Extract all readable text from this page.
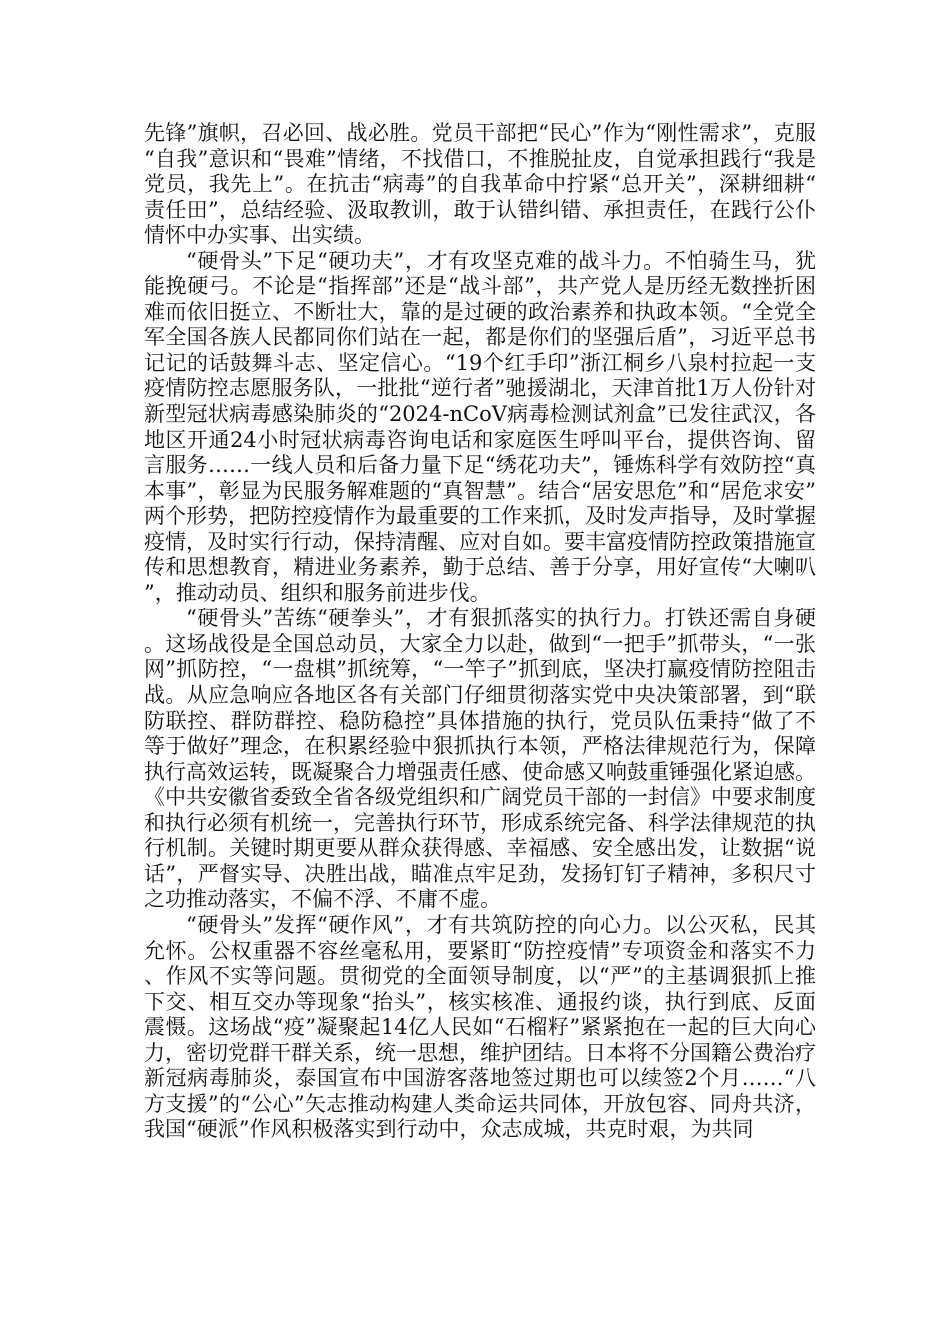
先锋”旗帜，召必回、战必胜。党员干部把“民心”作为“刚性需求”，克服“自我”意识和“畏难”情绪，不找借口，不推脱扯皮，自觉承担践行“我是党员，我先上”。在抗击“病毒”的自我革命中拧紧“总开关”，深耕细耕“责任田”，总结经验、汲取教训，敢于认错纠错、承担责任，在践行公仆情怀中办实事、出实绩。

“硬骨头”下足“硬功夫”，才有攻坚克难的战斗力。不怕骑生马，犹能挽硬弓。不论是“指挥部”还是“战斗部”，共产党人是历经无数挫折困难而依旧挺立、不断壮大，靠的是过硬的政治素养和执政本领。“全党全军全国各族人民都同你们站在一起，都是你们的坚强后盾”，习近平总书记记的话鼓舞斗志、坚定信心。“19个红手印”浙江桐乡八泉村拉起一支疫情防控志愿服务队，一批批“逆行者”驰援湖北，天津首批1万人份针对新型冠状病毒感染肺炎的“2024-nCoV病毒检测试剂盒”已发往武汉，各地区开通24小时冠状病毒咨询电话和家庭医生呼叫平台，提供咨询、留言服务……一线人员和后备力量下足“绣花功夫”，锤炼科学有效防控“真本事”，彰显为民服务解难题的“真智慧”。结合“居安思危”和“居危求安”两个形势，把防控疫情作为最重要的工作来抓，及时发声指导，及时掌握疫情，及时实行行动，保持清醒、应对自如。要丰富疫情防控政策措施宣传和思想教育，精进业务素养，勤于总结、善于分享，用好宣传“大喇叭”，推动动员、组织和服务前进步伐。

“硬骨头”苦练“硬拳头”，才有狠抓落实的执行力。打铁还需自身硬。这场战役是全国总动员，大家全力以赴，做到“一把手”抓带头，“一张网”抓防控，“一盘棋”抓统筹，“一竿子”抓到底，坚决打赢疫情防控阻击战。从应急响应各地区各有关部门仔细贯彻落实党中央决策部署，到“联防联控、群防群控、稳防稳控”具体措施的执行，党员队伍秉持“做了不等于做好”理念，在积累经验中狠抓执行本领，严格法律规范行为，保障执行高效运转，既凝聚合力增强责任感、使命感又响鼓重锤强化紧迫感。《中共安徽省委致全省各级党组织和广阔党员干部的一封信》中要求制度和执行必须有机统一，完善执行环节，形成系统完备、科学法律规范的执行机制。关键时期更要从群众获得感、幸福感、安全感出发，让数据“说话”，严督实导、决胜出战，瞄准点牢足劲，发扬钉钉子精神，多积尺寸之功推动落实，不偏不浮、不庸不虚。

“硬骨头”发挥“硬作风”，才有共筑防控的向心力。以公灭私，民其允怀。公权重器不容丝毫私用，要紧盯“防控疫情”专项资金和落实不力、作风不实等问题。贯彻党的全面领导制度，以“严”的主基调狠抓上推下交、相互交办等现象“抬头”，核实核准、通报约谈，执行到底、反面震慑。这场战“疫”凝聚起14亿人民如“石榴籽”紧紧抱在一起的巨大向心力，密切党群干群关系，统一思想，维护团结。日本将不分国籍公费治疗新冠病毒肺炎，泰国宣布中国游客落地签过期也可以续签2个月……“八方支援”的“公心”矢志推动构建人类命运共同体，开放包容、同舟共济，我国“硬派”作风积极落实到行动中，众志成城，共克时艰，为共同
